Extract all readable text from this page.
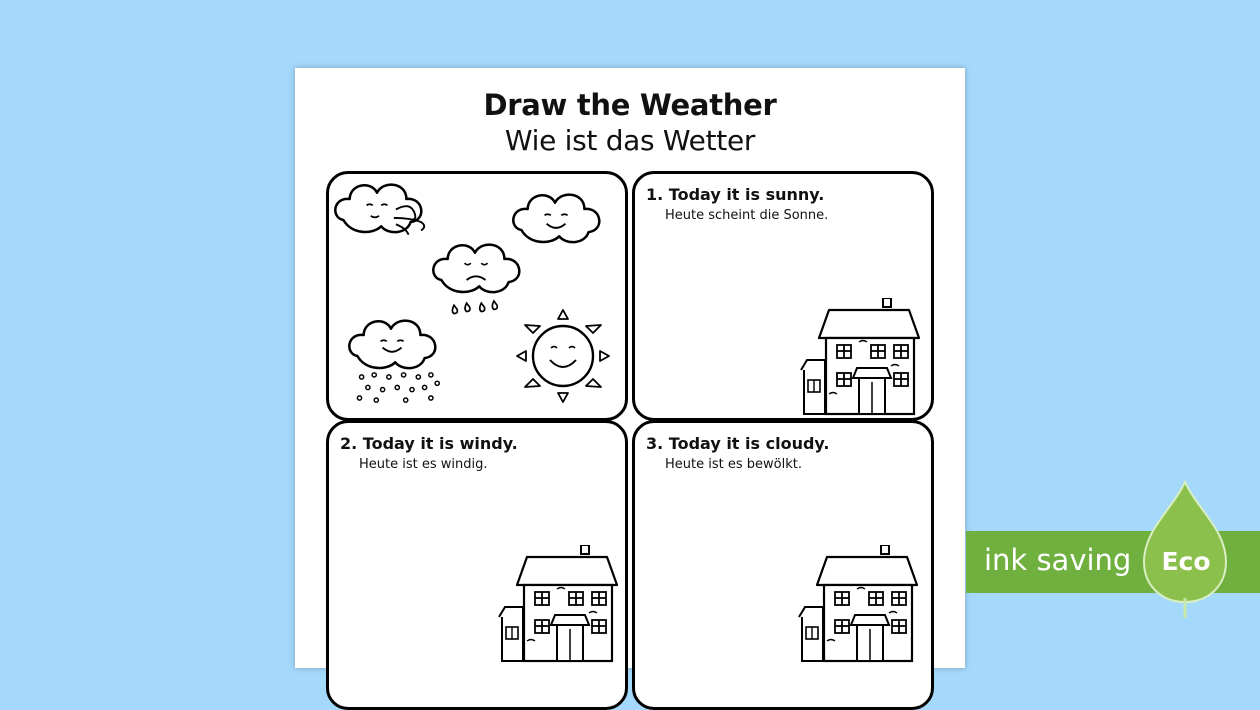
Draw the Weather
Wie ist das Wetter
1. Today it is sunny.
Heute scheint die Sonne.
2. Today it is windy.
Heute ist es windig.
3. Today it is cloudy.
Heute ist es bewölkt.
ink saving Eco
